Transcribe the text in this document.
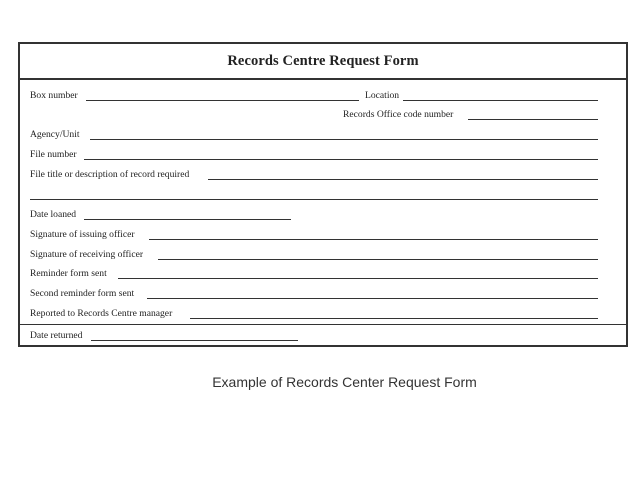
Records Centre Request Form
Box number	Location
Records Office code number
Agency/Unit
File number
File title or description of record required
Date loaned
Signature of issuing officer
Signature of receiving officer
Reminder form sent
Second reminder form sent
Reported to Records Centre manager
Date returned
Example of Records Center Request Form
